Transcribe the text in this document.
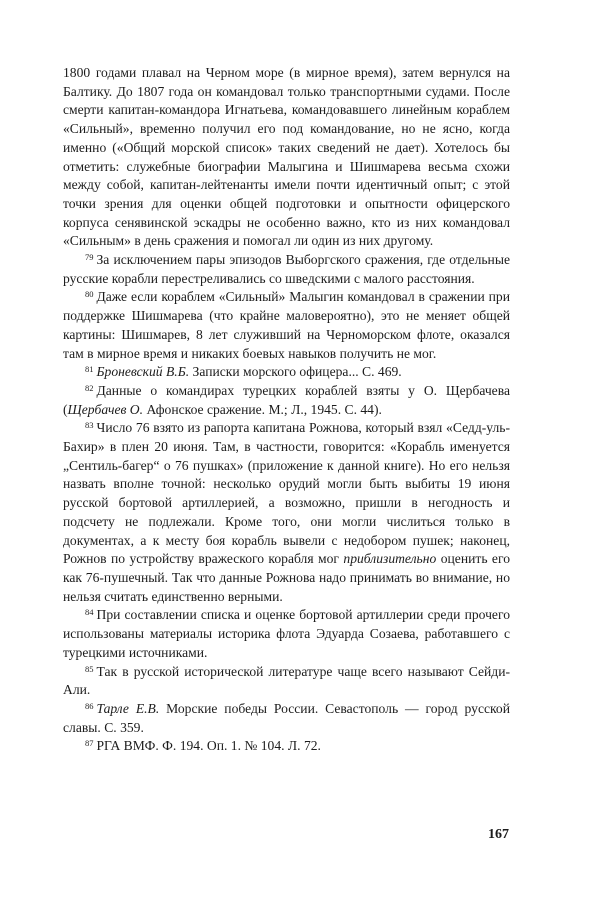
1800 годами плавал на Черном море (в мирное время), затем вернулся на Балтику. До 1807 года он командовал только транспортными судами. После смерти капитан-командора Игнатьева, командовавшего линейным кораблем «Сильный», временно получил его под командование, но не ясно, когда именно («Общий морской список» таких сведений не дает). Хотелось бы отметить: служебные биографии Малыгина и Шишмарева весьма схожи между собой, капитан-лейтенанты имели почти идентичный опыт; с этой точки зрения для оценки общей подготовки и опытности офицерского корпуса сенявинской эскадры не особенно важно, кто из них командовал «Сильным» в день сражения и помогал ли один из них другому.

$^{79}$ За исключением пары эпизодов Выборгского сражения, где отдельные русские корабли перестреливались со шведскими с малого расстояния.

$^{80}$ Даже если кораблем «Сильный» Малыгин командовал в сражении при поддержке Шишмарева (что крайне маловероятно), это не меняет общей картины: Шишмарев, 8 лет служивший на Черноморском флоте, оказался там в мирное время и никаких боевых навыков получить не мог.

$^{81}$ Броневский В.Б. Записки морского офицера... С. 469.

$^{82}$ Данные о командирах турецких кораблей взяты у О. Щербачева (Щербачев О. Афонское сражение. М.; Л., 1945. С. 44).

$^{83}$ Число 76 взято из рапорта капитана Рожнова, который взял «Седд-уль-Бахир» в плен 20 июня. Там, в частности, говорится: «Корабль именуется „Сентиль-багер“ о 76 пушках» (приложение к данной книге). Но его нельзя назвать вполне точной: несколько орудий могли быть выбиты 19 июня русской бортовой артиллерией, а возможно, пришли в негодность и подсчету не подлежали. Кроме того, они могли числиться только в документах, а к месту боя корабль вывели с недобором пушек; наконец, Рожнов по устройству вражеского корабля мог приблизительно оценить его как 76-пушечный. Так что данные Рожнова надо принимать во внимание, но нельзя считать единственно верными.

$^{84}$ При составлении списка и оценке бортовой артиллерии среди прочего использованы материалы историка флота Эдуарда Созаева, работавшего с турецкими источниками.

$^{85}$ Так в русской исторической литературе чаще всего называют Сейди-Али.

$^{86}$ Тарле Е.В. Морские победы России. Севастополь — город русской славы. С. 359.

$^{87}$ РГА ВМФ. Ф. 194. Оп. 1. № 104. Л. 72.

167
